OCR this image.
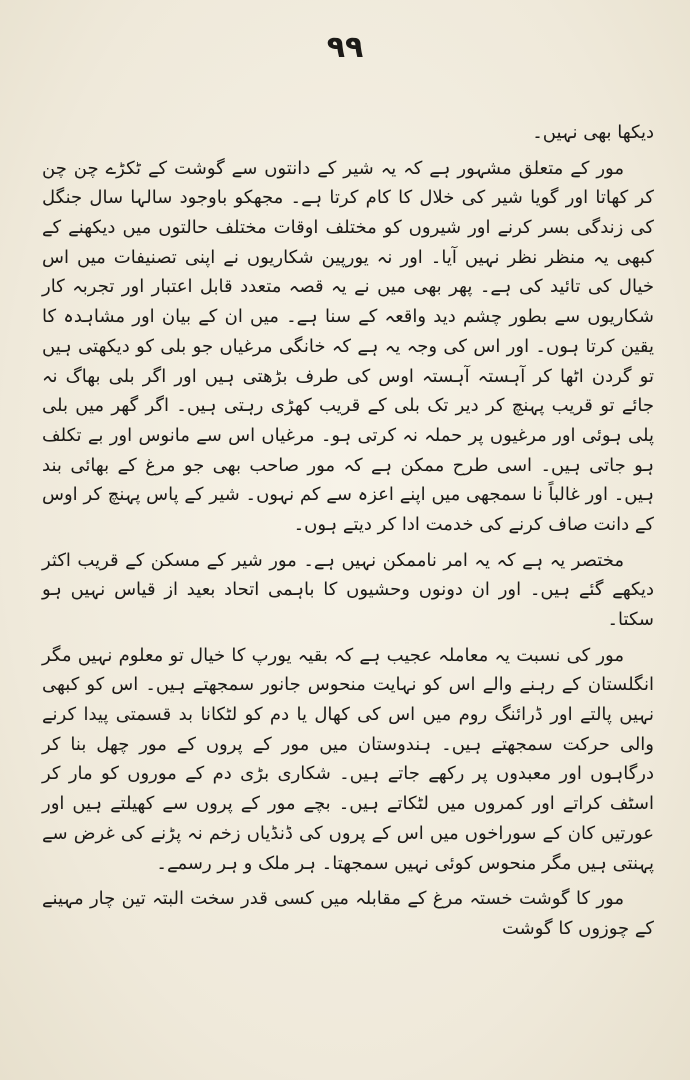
۹۹

دیکھا بھی نہیں۔

مور کے متعلق مشہور ہے کہ یہ شیر کے دانتوں سے گوشت کے ٹکڑے چن چن کر کھاتا اور گویا شیر کی خلال کا کام کرتا ہے۔ مجھکو باوجود سالہا سال جنگل کی زندگی بسر کرنے اور شیروں کو مختلف اوقات مختلف حالتوں میں دیکھنے کے کبھی یہ منظر نظر نہیں آیا۔ اور نہ یورپین شکاریوں نے اپنی تصنیفات میں اس خیال کی تائید کی ہے۔ پھر بھی میں نے یہ قصہ متعدد قابل اعتبار اور تجربہ کار شکاریوں سے بطور چشم دید واقعہ کے سنا ہے۔ میں ان کے بیان اور مشاہدہ کا یقین کرتا ہوں۔ اور اس کی وجہ یہ ہے کہ خانگی مرغیاں جو بلی کو دیکھتی ہیں تو گردن اٹھا کر آہستہ آہستہ اوس کی طرف بڑھتی ہیں اور اگر بلی بھاگ نہ جائے تو قریب پہنچ کر دیر تک بلی کے قریب کھڑی رہتی ہیں۔ اگر گھر میں بلی پلی ہوئی اور مرغیوں پر حملہ نہ کرتی ہو۔ مرغیاں اس سے مانوس اور بے تکلف ہو جاتی ہیں۔ اسی طرح ممکن ہے کہ مور صاحب بھی جو مرغ کے بھائی بند ہیں۔ اور غالباً نا سمجھی میں اپنے اعزہ سے کم نہوں۔ شیر کے پاس پہنچ کر اوس کے دانت صاف کرنے کی خدمت ادا کر دیتے ہوں۔

مختصر یہ ہے کہ یہ امر ناممکن نہیں ہے۔ مور شیر کے مسکن کے قریب اکثر دیکھے گئے ہیں۔ اور ان دونوں وحشیوں کا باہمی اتحاد بعید از قیاس نہیں ہو سکتا۔

مور کی نسبت یہ معاملہ عجیب ہے کہ بقیہ یورپ کا خیال تو معلوم نہیں مگر انگلستان کے رہنے والے اس کو نہایت منحوس جانور سمجھتے ہیں۔ اس کو کبھی نہیں پالتے اور ڈرائنگ روم میں اس کی کھال یا دم کو لٹکانا بد قسمتی پیدا کرنے والی حرکت سمجھتے ہیں۔ ہندوستان میں مور کے پروں کے مور چھل بنا کر درگاہوں اور معبدوں پر رکھے جاتے ہیں۔ شکاری بڑی دم کے موروں کو مار کر اسٹف کراتے اور کمروں میں لٹکاتے ہیں۔ بچے مور کے پروں سے کھیلتے ہیں اور عورتیں کان کے سوراخوں میں اس کے پروں کی ڈنڈیاں زخم نہ پڑنے کی غرض سے پہنتی ہیں مگر منحوس کوئی نہیں سمجھتا۔ ہر ملک و ہر رسمے۔

مور کا گوشت خستہ مرغ کے مقابلہ میں کسی قدر سخت البتہ تین چار مہینے کے چوزوں کا گوشت
